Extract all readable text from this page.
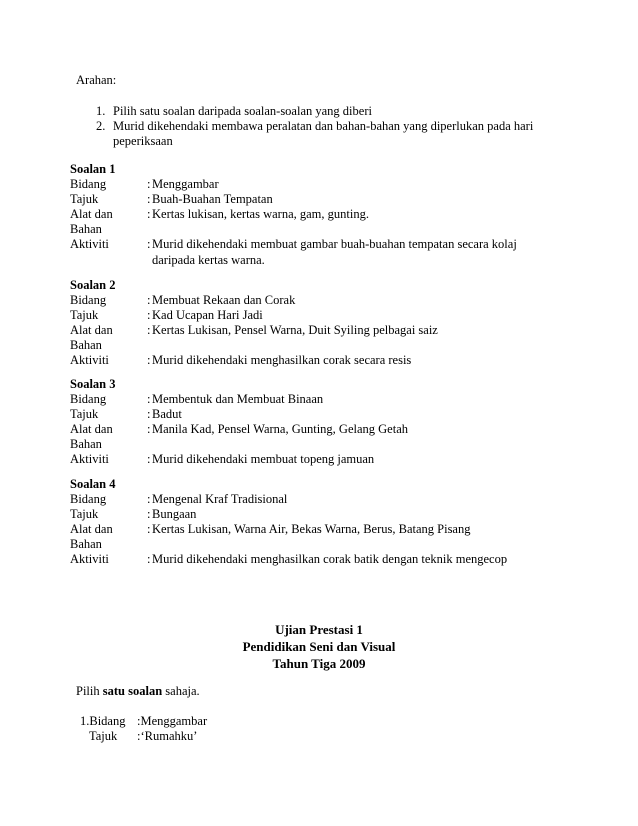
Arahan:
1. Pilih satu soalan daripada soalan-soalan yang diberi
2. Murid dikehendaki membawa peralatan dan bahan-bahan yang diperlukan pada hari
peperiksaan
Soalan 1
Bidang	: Menggambar
Tajuk	: Buah-Buahan Tempatan
Alat dan	: Kertas lukisan, kertas warna, gam, gunting.
Bahan
Aktiviti	: Murid dikehendaki membuat gambar buah-buahan tempatan secara kolaj
daripada kertas warna.
Soalan 2
Bidang	: Membuat Rekaan dan Corak
Tajuk	: Kad Ucapan Hari Jadi
Alat dan	: Kertas Lukisan, Pensel Warna, Duit Syiling pelbagai saiz
Bahan
Aktiviti	: Murid dikehendaki menghasilkan corak secara resis
Soalan 3
Bidang	: Membentuk dan Membuat Binaan
Tajuk	: Badut
Alat dan	: Manila Kad, Pensel Warna, Gunting, Gelang Getah
Bahan
Aktiviti	: Murid dikehendaki membuat topeng jamuan
Soalan 4
Bidang	: Mengenal Kraf Tradisional
Tajuk	: Bungaan
Alat dan	: Kertas Lukisan, Warna Air, Bekas Warna, Berus, Batang Pisang
Bahan
Aktiviti	: Murid dikehendaki menghasilkan corak batik dengan teknik mengecop
Ujian Prestasi 1
Pendidikan Seni dan Visual
Tahun Tiga 2009
Pilih satu soalan sahaja.
1.Bidang :Menggambar
Tajuk :‘Rumahku’
